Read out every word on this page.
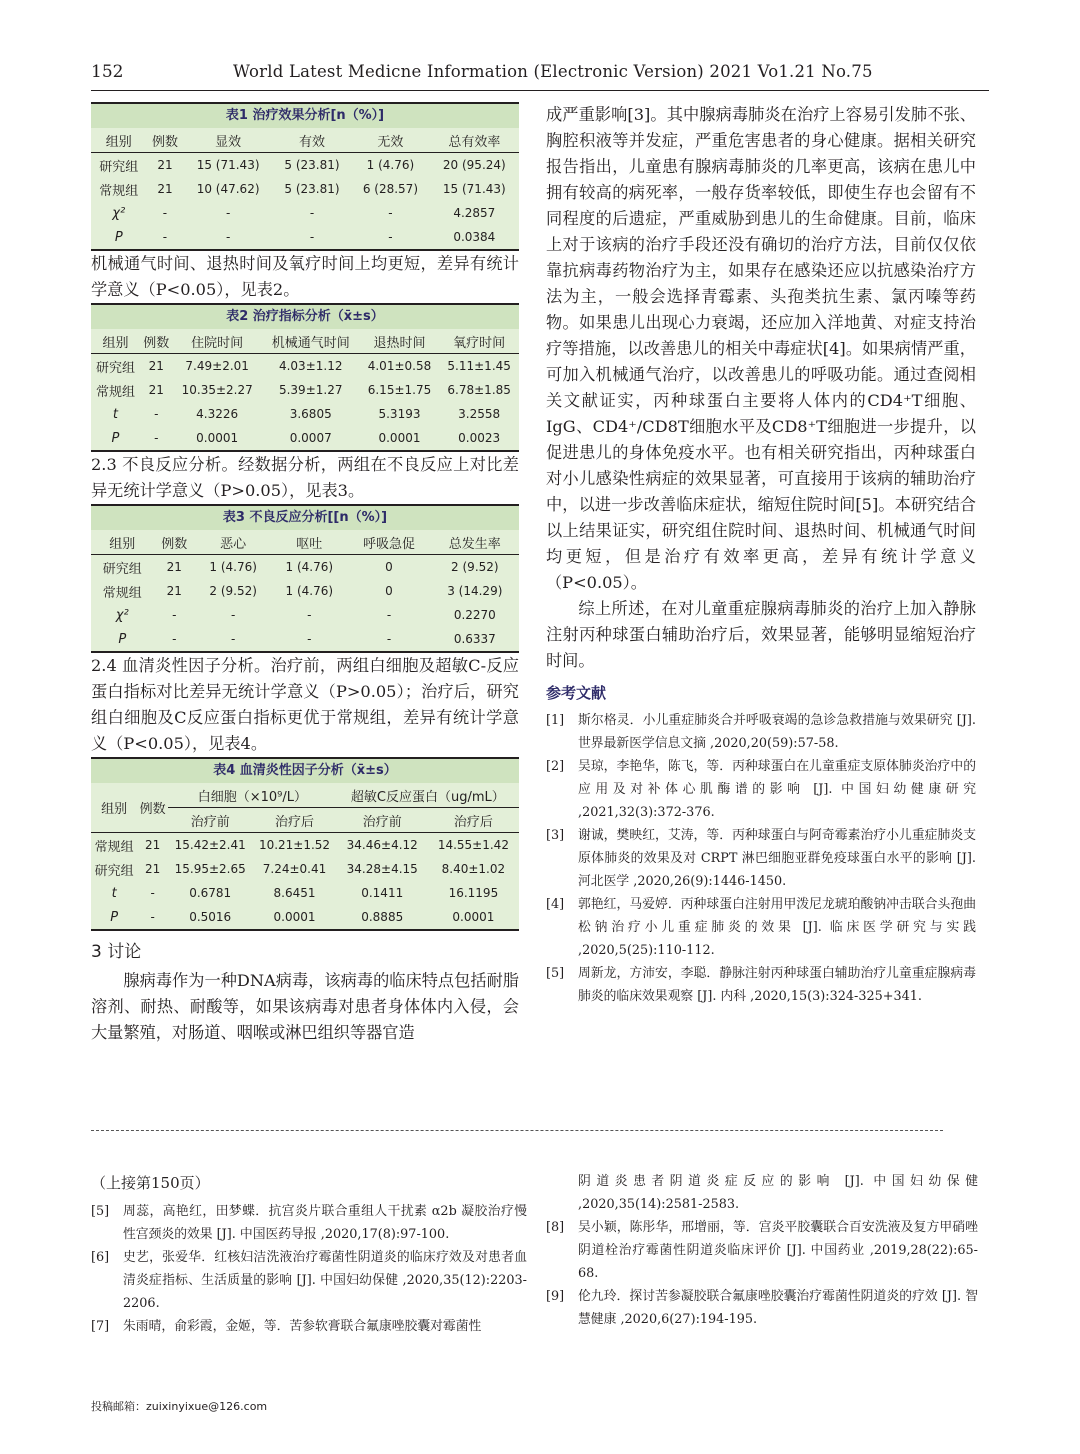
152	World Latest Medicne Information (Electronic Version) 2021 Vo1.21 No.75
表1 治疗效果分析[n（%）]
组别	例数	显效	有效	无效	总有效率
研究组	21	15 (71.43)	5 (23.81)	1 (4.76)	20 (95.24)
常规组	21	10 (47.62)	5 (23.81)	6 (28.57)	15 (71.43)
χ²	-	-	-	-	4.2857
P	-	-	-	-	0.0384

机械通气时间、退热时间及氧疗时间上均更短，差异有统计学意义（P<0.05），见表2。

表2 治疗指标分析（x̄±s）
组别	例数	住院时间	机械通气时间	退热时间	氧疗时间
研究组	21	7.49±2.01	4.03±1.12	4.01±0.58	5.11±1.45
常规组	21	10.35±2.27	5.39±1.27	6.15±1.75	6.78±1.85
t	-	4.3226	3.6805	5.3193	3.2558
P	-	0.0001	0.0007	0.0001	0.0023

2.3 不良反应分析。经数据分析，两组在不良反应上对比差异无统计学意义（P>0.05），见表3。

表3 不良反应分析[[n（%）]
组别	例数	恶心	呕吐	呼吸急促	总发生率
研究组	21	1 (4.76)	1 (4.76)	0	2 (9.52)
常规组	21	2 (9.52)	1 (4.76)	0	3 (14.29)
χ²	-	-	-	-	0.2270
P	-	-	-	-	0.6337

2.4 血清炎性因子分析。治疗前，两组白细胞及超敏C-反应蛋白指标对比差异无统计学意义（P>0.05）；治疗后，研究组白细胞及C反应蛋白指标更优于常规组，差异有统计学意义（P<0.05），见表4。

表4 血清炎性因子分析（x̄±s）
组别	例数	白细胞（×10⁹/L）		超敏C反应蛋白（ug/mL）	
		治疗前	治疗后	治疗前	治疗后
常规组	21	15.42±2.41	10.21±1.52	34.46±4.12	14.55±1.42
研究组	21	15.95±2.65	7.24±0.41	34.28±4.15	8.40±1.02
t	-	0.6781	8.6451	0.1411	16.1195
P	-	0.5016	0.0001	0.8885	0.0001
3 讨论

腺病毒作为一种DNA病毒，该病毒的临床特点包括耐脂溶剂、耐热、耐酸等，如果该病毒对患者身体体内入侵，会大量繁殖，对肠道、咽喉或淋巴组织等器官造

成严重影响[3]。其中腺病毒肺炎在治疗上容易引发肺不张、胸腔积液等并发症，严重危害患者的身心健康。据相关研究报告指出，儿童患有腺病毒肺炎的几率更高，该病在患儿中拥有较高的病死率，一般存货率较低，即使生存也会留有不同程度的后遗症，严重威胁到患儿的生命健康。目前，临床上对于该病的治疗手段还没有确切的治疗方法，目前仅仅依靠抗病毒药物治疗为主，如果存在感染还应以抗感染治疗方法为主，一般会选择青霉素、头孢类抗生素、氯丙嗪等药物。如果患儿出现心力衰竭，还应加入洋地黄、对症支持治疗等措施，以改善患儿的相关中毒症状[4]。如果病情严重，可加入机械通气治疗，以改善患儿的呼吸功能。通过查阅相关文献证实，丙种球蛋白主要将人体内的CD4⁺T细胞、IgG、CD4⁺/CD8T细胞水平及CD8⁺T细胞进一步提升，以促进患儿的身体免疫水平。也有相关研究指出，丙种球蛋白对小儿感染性病症的效果显著，可直接用于该病的辅助治疗中，以进一步改善临床症状，缩短住院时间[5]。本研究结合以上结果证实，研究组住院时间、退热时间、机械通气时间均更短，但是治疗有效率更高，差异有统计学意义（P<0.05）。

综上所述，在对儿童重症腺病毒肺炎的治疗上加入静脉注射丙种球蛋白辅助治疗后，效果显著，能够明显缩短治疗时间。

参考文献
[1]	斯尔格灵．小儿重症肺炎合并呼吸衰竭的急诊急救措施与效果研究 [J]. 世界最新医学信息文摘 ,2020,20(59):57-58.
[2]	吴琼，李艳华，陈飞，等．丙种球蛋白在儿童重症支原体肺炎治疗中的应用及对补体心肌酶谱的影响 [J]. 中国妇幼健康研究 ,2021,32(3):372-376.
[3]	谢诚，樊映红，艾涛，等．丙种球蛋白与阿奇霉素治疗小儿重症肺炎支原体肺炎的效果及对 CRPT 淋巴细胞亚群免疫球蛋白水平的影响 [J]. 河北医学 ,2020,26(9):1446-1450.
[4]	郭艳红，马爱婷．丙种球蛋白注射用甲泼尼龙琥珀酸钠冲击联合头孢曲松钠治疗小儿重症肺炎的效果 [J]. 临床医学研究与实践 ,2020,5(25):110-112.
[5]	周新龙，方沛安，李聪．静脉注射丙种球蛋白辅助治疗儿童重症腺病毒肺炎的临床效果观察 [J]. 内科 ,2020,15(3):324-325+341.

（上接第150页）

[5]	周蕊，高艳红，田梦蝶．抗宫炎片联合重组人干扰素 α2b 凝胶治疗慢性宫颈炎的效果 [J]. 中国医药导报 ,2020,17(8):97-100.
[6]	史艺，张爱华．红核妇洁洗液治疗霉菌性阴道炎的临床疗效及对患者血清炎症指标、生活质量的影响 [J]. 中国妇幼保健 ,2020,35(12):2203-2206.
[7]	朱雨晴，俞彩霞，金姬，等．苦参软膏联合氟康唑胶囊对霉菌性
阴道炎患者阴道炎症反应的影响 [J]. 中国妇幼保健 ,2020,35(14):2581-2583.
[8]	吴小颖，陈彤华，邢增丽，等．宫炎平胶囊联合百安洗液及复方甲硝唑阴道栓治疗霉菌性阴道炎临床评价 [J]. 中国药业 ,2019,28(22):65-68.
[9]	伦九玲．探讨苦参凝胶联合氟康唑胶囊治疗霉菌性阴道炎的疗效 [J]. 智慧健康 ,2020,6(27):194-195.
投稿邮箱：zuixinyixue@126.com
